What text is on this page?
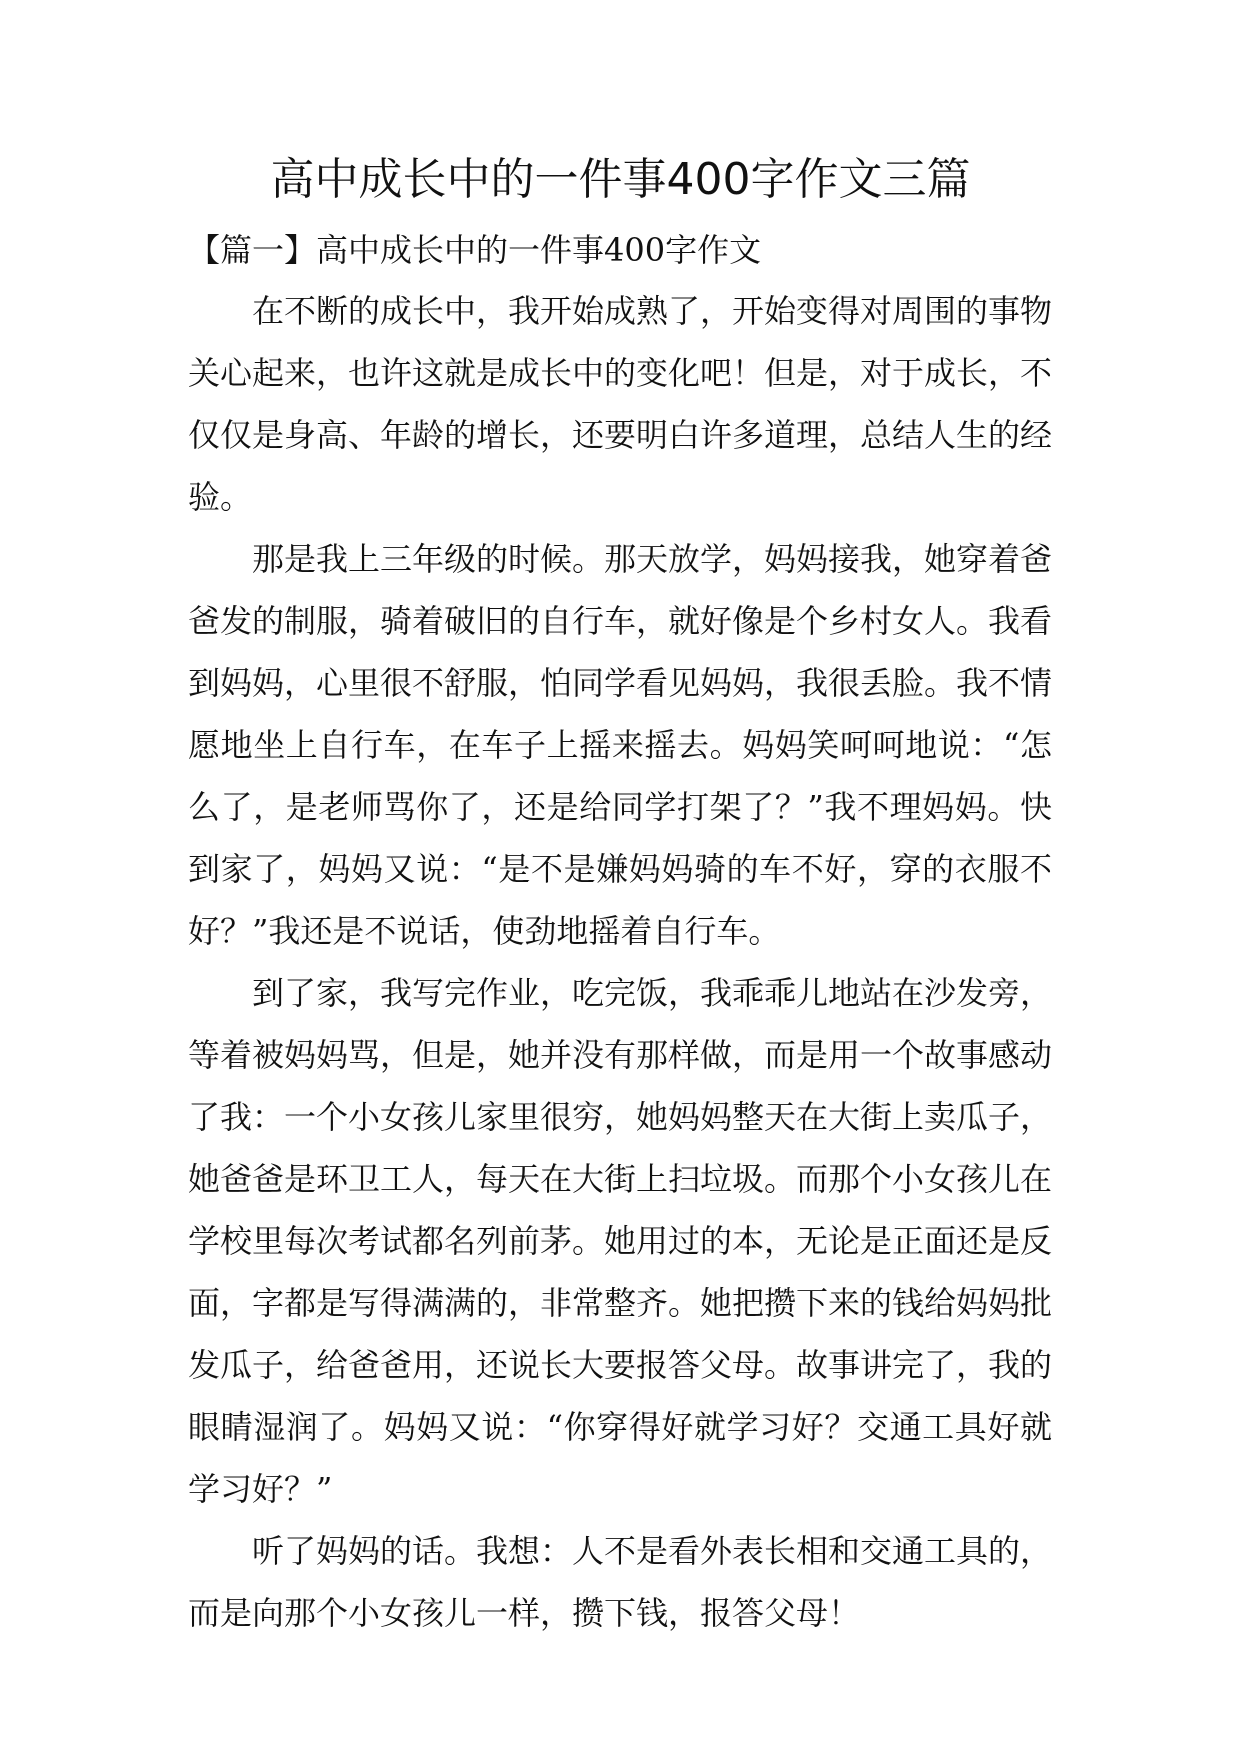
高中成长中的一件事400字作文三篇
【篇一】高中成长中的一件事400字作文

在不断的成长中，我开始成熟了，开始变得对周围的事物关心起来，也许这就是成长中的变化吧！但是，对于成长，不仅仅是身高、年龄的增长，还要明白许多道理，总结人生的经验。

那是我上三年级的时候。那天放学，妈妈接我，她穿着爸爸发的制服，骑着破旧的自行车，就好像是个乡村女人。我看到妈妈，心里很不舒服，怕同学看见妈妈，我很丢脸。我不情愿地坐上自行车，在车子上摇来摇去。妈妈笑呵呵地说：“怎么了，是老师骂你了，还是给同学打架了？”我不理妈妈。快到家了，妈妈又说：“是不是嫌妈妈骑的车不好，穿的衣服不好？”我还是不说话，使劲地摇着自行车。

到了家，我写完作业，吃完饭，我乖乖儿地站在沙发旁，等着被妈妈骂，但是，她并没有那样做，而是用一个故事感动了我：一个小女孩儿家里很穷，她妈妈整天在大街上卖瓜子，她爸爸是环卫工人，每天在大街上扫垃圾。而那个小女孩儿在学校里每次考试都名列前茅。她用过的本，无论是正面还是反面，字都是写得满满的，非常整齐。她把攒下来的钱给妈妈批发瓜子，给爸爸用，还说长大要报答父母。故事讲完了，我的眼睛湿润了。妈妈又说：“你穿得好就学习好？交通工具好就学习好？”

听了妈妈的话。我想：人不是看外表长相和交通工具的，而是向那个小女孩儿一样，攒下钱，报答父母！
